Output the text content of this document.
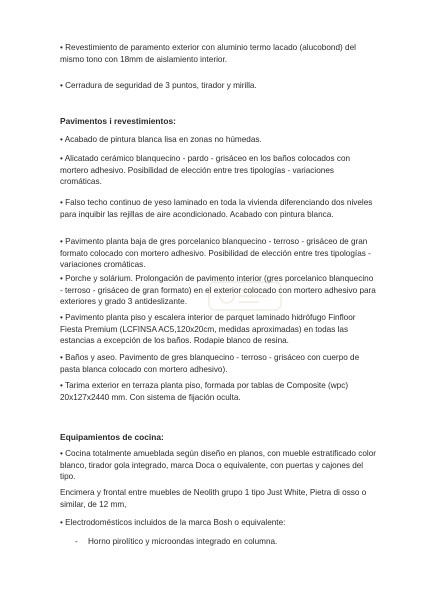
• Revestimiento de paramento exterior con aluminio termo lacado (alucobond) del mismo tono con 18mm de aislamiento interior.

• Cerradura de seguridad de 3 puntos, tirador y mirilla.

Pavimentos i revestimientos:

• Acabado de pintura blanca lisa en zonas no húmedas.

• Alicatado cerámico blanquecino - pardo - grisáceo en los baños colocados con mortero adhesivo. Posibilidad de elección entre tres tipologías - variaciones cromáticas.

• Falso techo continuo de yeso laminado en toda la vivienda diferenciando dos niveles para inquibir las rejillas de aire acondicionado. Acabado con pintura blanca.

• Pavimento planta baja de gres porcelanico blanquecino - terroso - grisáceo de gran formato colocado con mortero adhesivo. Posibilidad de elección entre tres tipologías - variaciones cromáticas.

• Porche y solárium. Prolongación de pavimento interior (gres porcelanico blanquecino - terroso - grisáceo de gran formato) en el exterior colocado con mortero adhesivo para exteriores y grado 3 antideslizante.

• Pavimento planta piso y escalera interior de parquet laminado hidrófugo Finfloor Fiesta Premium (LCFINSA AC5,120x20cm, medidas aproximadas) en todas las estancias a excepción de los baños. Rodapie blanco de resina.

• Baños y aseo. Pavimento de gres blanquecino - terroso - grisáceo con cuerpo de pasta blanca colocado con mortero adhesivo).

• Tarima exterior en terraza planta piso, formada por tablas de Composite (wpc) 20x127x2440 mm. Con sistema de fijación oculta.

Equipamientos de cocina:

• Cocina totalmente amueblada según diseño en planos, con mueble estratificado color blanco, tirador gola integrado, marca Doca o equivalente, con puertas y cajones del tipo.

Encimera y frontal entre muebles de Neolith grupo 1 tipo Just White, Pietra di osso o similar, de 12 mm,

• Electrodomésticos incluidos de la marca Bosh o equivalente:

- Horno pirolítico y microondas integrado en columna.
